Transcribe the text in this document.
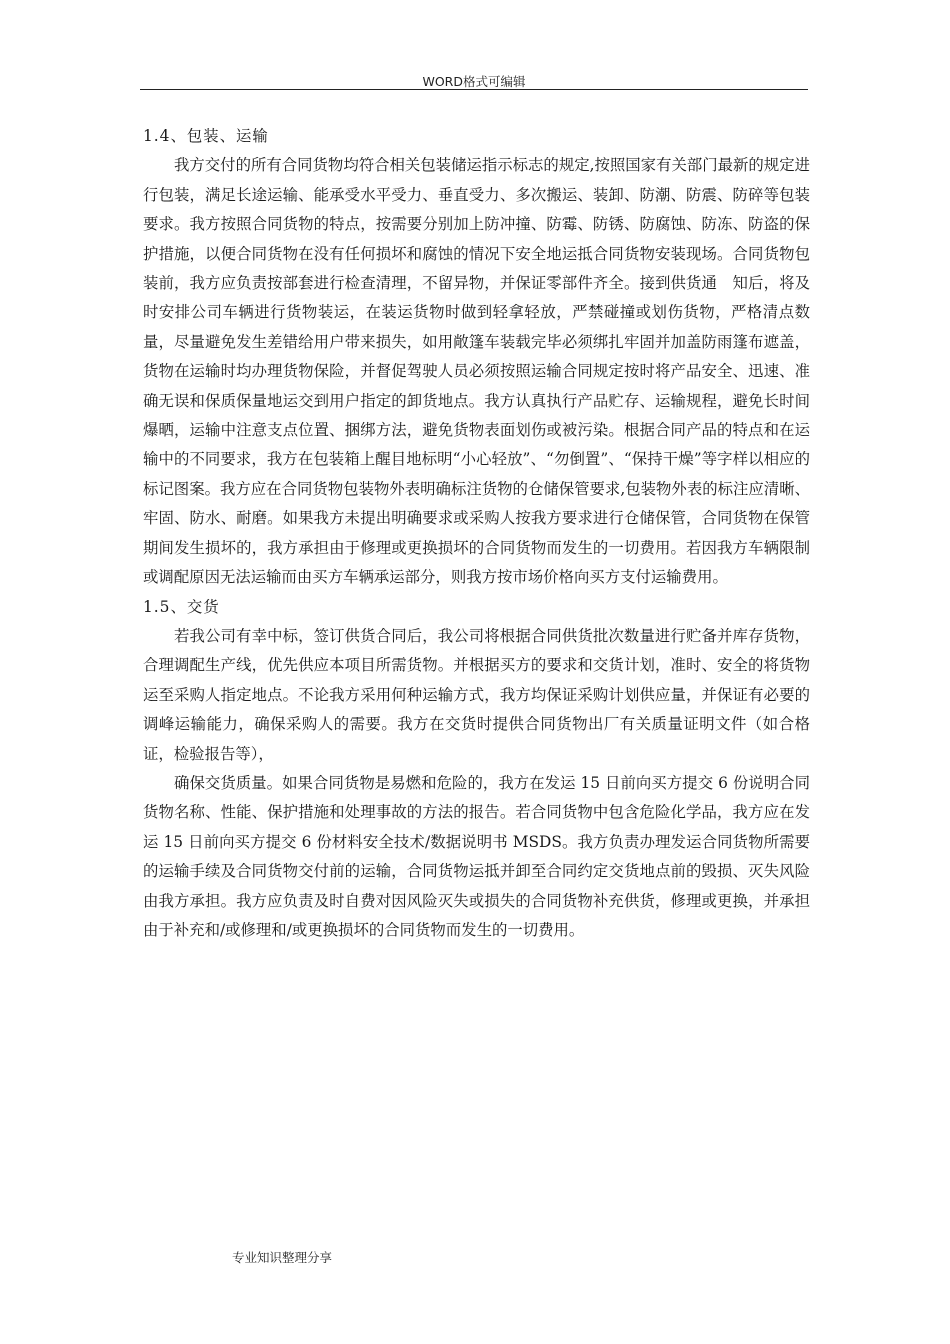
WORD格式可编辑

1.4、包装、运输

我方交付的所有合同货物均符合相关包装储运指示标志的规定,按照国家有关部门最新的规定进行包装，满足长途运输、能承受水平受力、垂直受力、多次搬运、装卸、防潮、防震、防碎等包装要求。我方按照合同货物的特点，按需要分别加上防冲撞、防霉、防锈、防腐蚀、防冻、防盗的保护措施，以便合同货物在没有任何损坏和腐蚀的情况下安全地运抵合同货物安装现场。合同货物包装前，我方应负责按部套进行检查清理，不留异物，并保证零部件齐全。接到供货通　知后，将及时安排公司车辆进行货物装运，在装运货物时做到轻拿轻放，严禁碰撞或划伤货物，严格清点数量，尽量避免发生差错给用户带来损失，如用敞篷车装载完毕必须绑扎牢固并加盖防雨篷布遮盖，货物在运输时均办理货物保险，并督促驾驶人员必须按照运输合同规定按时将产品安全、迅速、准确无误和保质保量地运交到用户指定的卸货地点。我方认真执行产品贮存、运输规程，避免长时间爆晒，运输中注意支点位置、捆绑方法，避免货物表面划伤或被污染。根据合同产品的特点和在运输中的不同要求，我方在包装箱上醒目地标明“小心轻放”、“勿倒置”、“保持干燥”等字样以相应的标记图案。我方应在合同货物包装物外表明确标注货物的仓储保管要求,包装物外表的标注应清晰、牢固、防水、耐磨。如果我方未提出明确要求或采购人按我方要求进行仓储保管，合同货物在保管期间发生损坏的，我方承担由于修理或更换损坏的合同货物而发生的一切费用。若因我方车辆限制或调配原因无法运输而由买方车辆承运部分，则我方按市场价格向买方支付运输费用。

1.5、交货

若我公司有幸中标，签订供货合同后，我公司将根据合同供货批次数量进行贮备并库存货物，合理调配生产线，优先供应本项目所需货物。并根据买方的要求和交货计划，准时、安全的将货物运至采购人指定地点。不论我方采用何种运输方式，我方均保证采购计划供应量，并保证有必要的调峰运输能力，确保采购人的需要。我方在交货时提供合同货物出厂有关质量证明文件（如合格证，检验报告等），

确保交货质量。如果合同货物是易燃和危险的，我方在发运 15 日前向买方提交 6 份说明合同货物名称、性能、保护措施和处理事故的方法的报告。若合同货物中包含危险化学品，我方应在发运 15 日前向买方提交 6 份材料安全技术/数据说明书 MSDS。我方负责办理发运合同货物所需要的运输手续及合同货物交付前的运输，合同货物运抵并卸至合同约定交货地点前的毁损、灭失风险由我方承担。我方应负责及时自费对因风险灭失或损失的合同货物补充供货，修理或更换，并承担由于补充和/或修理和/或更换损坏的合同货物而发生的一切费用。

专业知识整理分享
